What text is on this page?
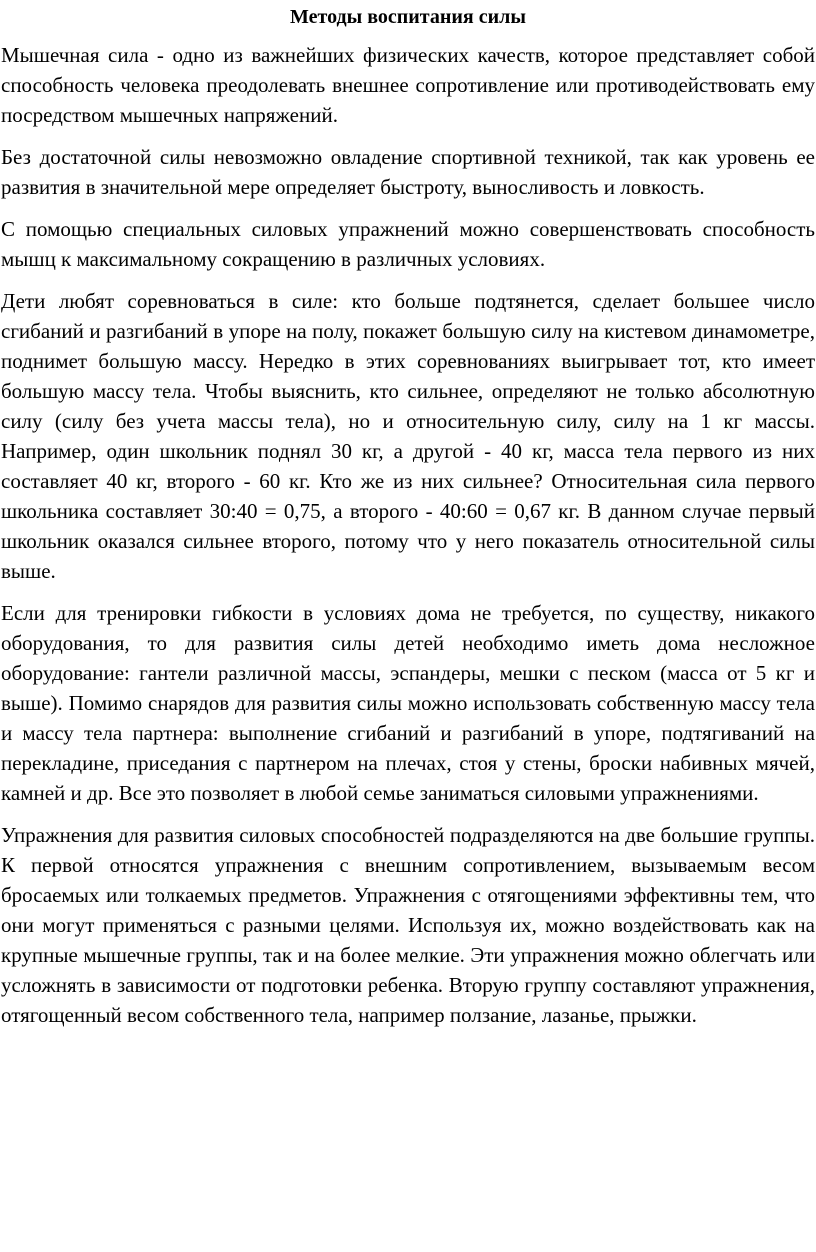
Методы воспитания силы

Мышечная сила - одно из важнейших физических качеств, которое представляет собой способность человека преодолевать внешнее сопротивление или противодействовать ему посредством мышечных напряжений.

Без достаточной силы невозможно овладение спортивной техникой, так как уровень ее развития в значительной мере определяет быстроту, выносливость и ловкость.

С помощью специальных силовых упражнений можно совершенствовать способность мышц к максимальному сокращению в различных условиях.

Дети любят соревноваться в силе: кто больше подтянется, сделает большее число сгибаний и разгибаний в упоре на полу, покажет большую силу на кистевом динамометре, поднимет большую массу. Нередко в этих соревнованиях выигрывает тот, кто имеет большую массу тела. Чтобы выяснить, кто сильнее, определяют не только абсолютную силу (силу без учета массы тела), но и относительную силу, силу на 1 кг массы. Например, один школьник поднял 30 кг, а другой - 40 кг, масса тела первого из них составляет 40 кг, второго - 60 кг. Кто же из них сильнее? Относительная сила первого школьника составляет 30:40 = 0,75, а второго - 40:60 = 0,67 кг. В данном случае первый школьник оказался сильнее второго, потому что у него показатель относительной силы выше.

Если для тренировки гибкости в условиях дома не требуется, по существу, никакого оборудования, то для развития силы детей необходимо иметь дома несложное оборудование: гантели различной массы, эспандеры, мешки с песком (масса от 5 кг и выше). Помимо снарядов для развития силы можно использовать собственную массу тела и массу тела партнера: выполнение сгибаний и разгибаний в упоре, подтягиваний на перекладине, приседания с партнером на плечах, стоя у стены, броски набивных мячей, камней и др. Все это позволяет в любой семье заниматься силовыми упражнениями.

Упражнения для развития силовых способностей подразделяются на две большие группы. К первой относятся упражнения с внешним сопротивлением, вызываемым весом бросаемых или толкаемых предметов. Упражнения с отягощениями эффективны тем, что они могут применяться с разными целями. Используя их, можно воздействовать как на крупные мышечные группы, так и на более мелкие. Эти упражнения можно облегчать или усложнять в зависимости от подготовки ребенка. Вторую группу составляют упражнения, отягощенный весом собственного тела, например ползание, лазанье, прыжки.
